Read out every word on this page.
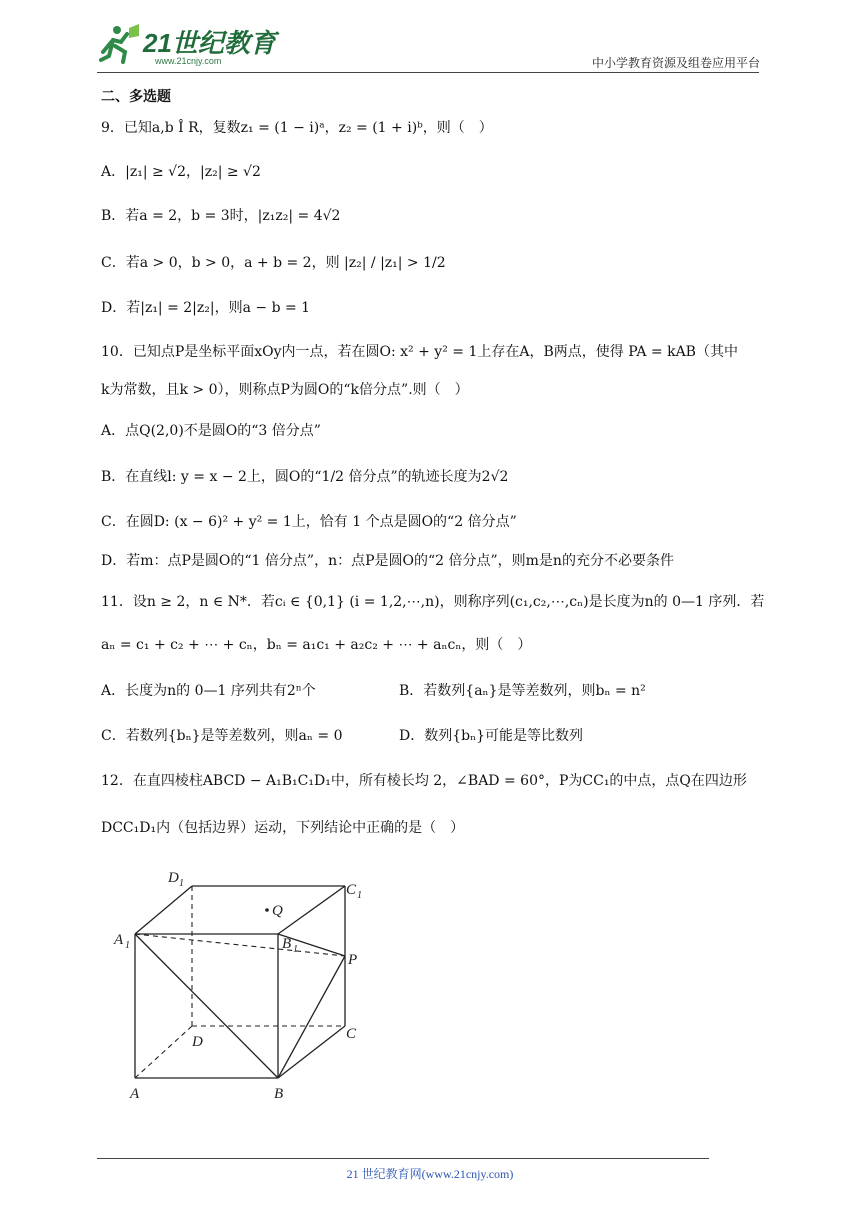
21世纪教育
www.21cnjy.com	中小学教育资源及组卷应用平台
二、多选题
9．已知a,b Î R，复数z₁ = (1 − i)ᵃ，z₂ = (1 + i)ᵇ，则（　）
A．|z₁| ≥ √2，|z₂| ≥ √2
B．若a = 2，b = 3时，|z₁z₂| = 4√2
C．若a > 0，b > 0，a + b = 2，则 |z₂| / |z₁| > 1/2
D．若|z₁| = 2|z₂|，则a − b = 1
10．已知点P是坐标平面xOy内一点，若在圆O: x² + y² = 1上存在A，B两点，使得 PA = kAB（其中
k为常数，且k > 0），则称点P为圆O的“k倍分点”.则（　）
A．点Q(2,0)不是圆O的“3 倍分点”
B．在直线l: y = x − 2上，圆O的“1/2 倍分点”的轨迹长度为2√2
C．在圆D: (x − 6)² + y² = 1上，恰有 1 个点是圆O的“2 倍分点”
D．若m：点P是圆O的“1 倍分点”，n：点P是圆O的“2 倍分点”，则m是n的充分不必要条件
11．设n ≥ 2，n ∈ N*．若cᵢ ∈ {0,1} (i = 1,2,⋯,n)，则称序列(c₁,c₂,⋯,cₙ)是长度为n的 0—1 序列．若
aₙ = c₁ + c₂ + ⋯ + cₙ，bₙ = a₁c₁ + a₂c₂ + ⋯ + aₙcₙ，则（　）
A．长度为n的 0—1 序列共有2ⁿ个	B．若数列{aₙ}是等差数列，则bₙ = n²
C．若数列{bₙ}是等差数列，则aₙ = 0	D．数列{bₙ}可能是等比数列
12．在直四棱柱ABCD − A₁B₁C₁D₁中，所有棱长均 2，∠BAD = 60°，P为CC₁的中点，点Q在四边形
DCC₁D₁内（包括边界）运动，下列结论中正确的是（　）
D 1	C 1
A 1	B 1
Q
P
D	C
A	B
21 世纪教育网(www.21cnjy.com)
